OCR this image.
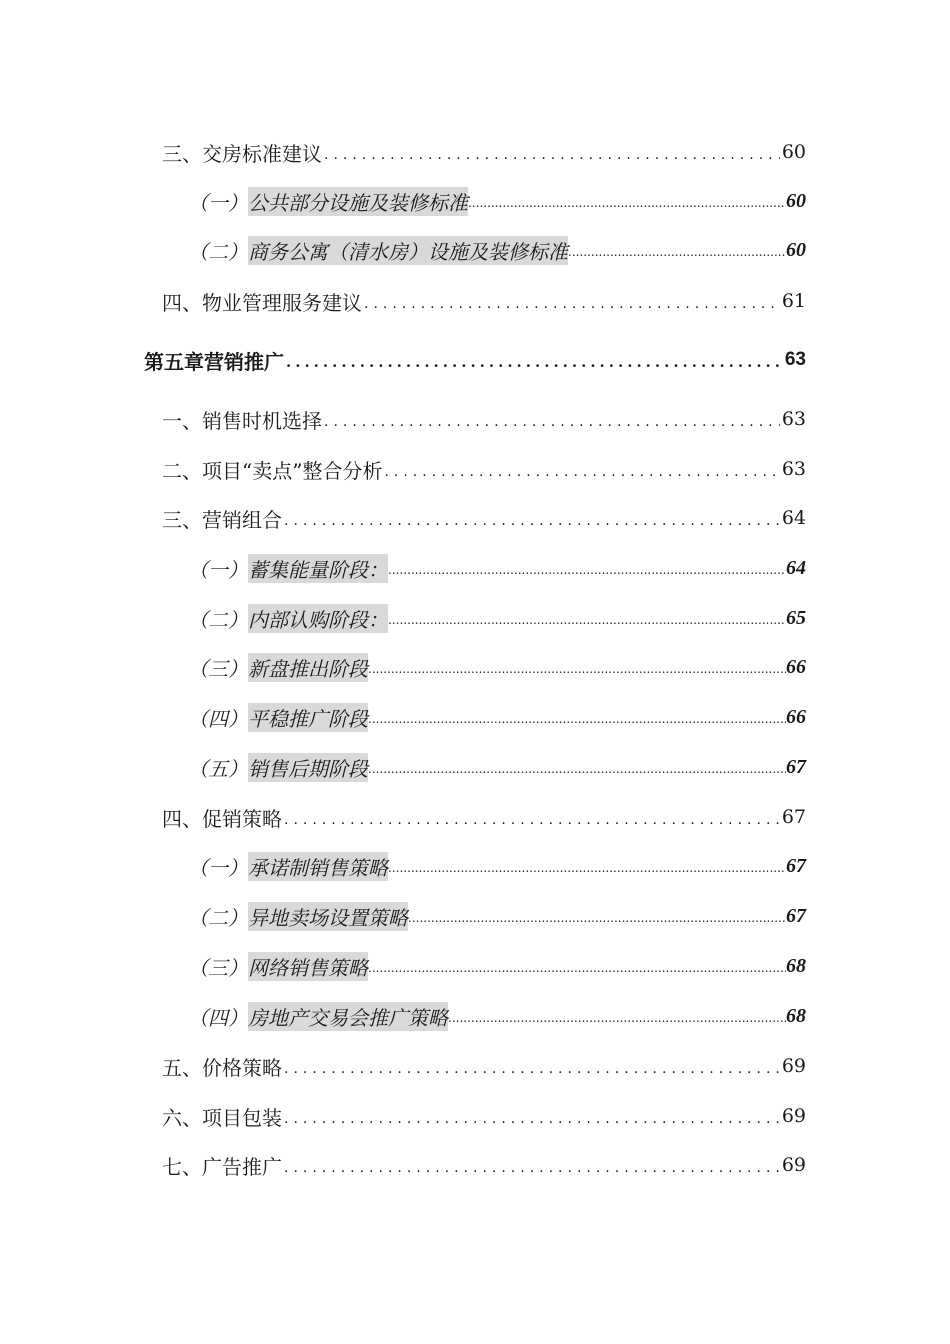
三、 交房标准建议 .....	60
（一） 公共部分设施及装修标准 .....	60
（二） 商务公寓（清水房）设施及装修标准 .....	60
四、 物业管理服务建议 .....	61
第五章 营销推广 .....	63
一、 销售时机选择 .....	63
二、 项目“卖点”整合分析 .....	63
三、 营销组合 .....	64
（一） 蓄集能量阶段： .....	64
（二） 内部认购阶段： .....	65
（三） 新盘推出阶段 .....	66
（四） 平稳推广阶段 .....	66
（五） 销售后期阶段 .....	67
四、 促销策略 .....	67
（一） 承诺制销售策略 .....	67
（二） 异地卖场设置策略 .....	67
（三） 网络销售策略 .....	68
（四） 房地产交易会推广策略 .....	68
五、 价格策略 .....	69
六、 项目包装 .....	69
七、 广告推广 .....	69
